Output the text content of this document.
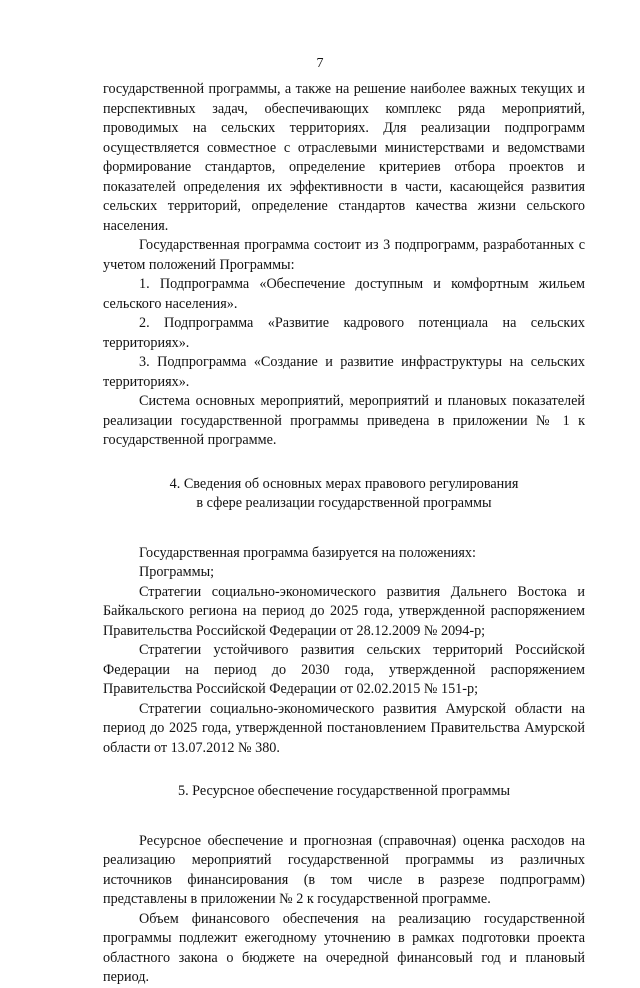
7

государственной программы, а также на решение наиболее важных текущих и перспективных задач, обеспечивающих комплекс ряда мероприятий, проводимых на сельских территориях. Для реализации подпрограмм осуществляется совместное с отраслевыми министерствами и ведомствами формирование стандартов, определение критериев отбора проектов и показателей определения их эффективности в части, касающейся развития сельских территорий, определение стандартов качества жизни сельского населения.

Государственная программа состоит из 3 подпрограмм, разработанных с учетом положений Программы:

1. Подпрограмма «Обеспечение доступным и комфортным жильем сельского населения».

2. Подпрограмма «Развитие кадрового потенциала на сельских территориях».

3. Подпрограмма «Создание и развитие инфраструктуры на сельских территориях».

Система основных мероприятий, мероприятий и плановых показателей реализации государственной программы приведена в приложении № 1 к государственной программе.

4. Сведения об основных мерах правового регулирования

в сфере реализации государственной программы

Государственная программа базируется на положениях:

Программы;

Стратегии социально-экономического развития Дальнего Востока и Байкальского региона на период до 2025 года, утвержденной распоряжением Правительства Российской Федерации от 28.12.2009 № 2094-р;

Стратегии устойчивого развития сельских территорий Российской Федерации на период до 2030 года, утвержденной распоряжением Правительства Российской Федерации от 02.02.2015 № 151-р;

Стратегии социально-экономического развития Амурской области на период до 2025 года, утвержденной постановлением Правительства Амурской области от 13.07.2012 № 380.

5. Ресурсное обеспечение государственной программы

Ресурсное обеспечение и прогнозная (справочная) оценка расходов на реализацию мероприятий государственной программы из различных источников финансирования (в том числе в разрезе подпрограмм) представлены в приложении № 2 к государственной программе.

Объем финансового обеспечения на реализацию государственной программы подлежит ежегодному уточнению в рамках подготовки проекта областного закона о бюджете на очередной финансовый год и плановый период.
